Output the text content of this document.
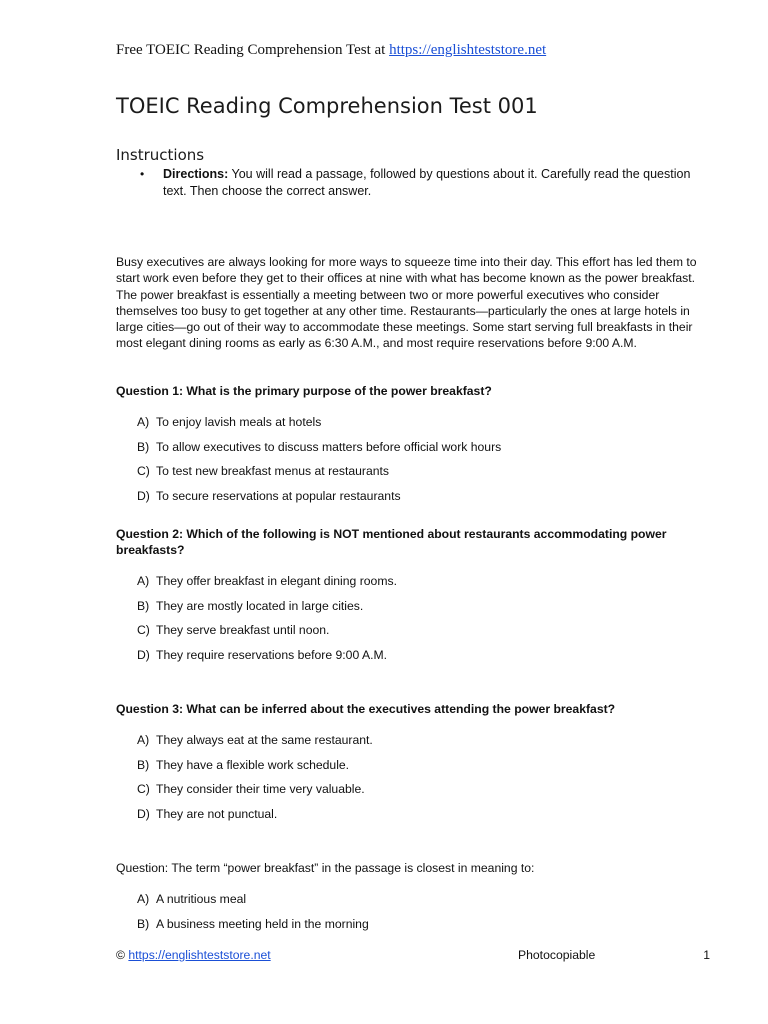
Free TOEIC Reading Comprehension Test at https://englishteststore.net
TOEIC Reading Comprehension Test 001
Instructions
• Directions: You will read a passage, followed by questions about it. Carefully read the question text. Then choose the correct answer.
Busy executives are always looking for more ways to squeeze time into their day. This effort has led them to start work even before they get to their offices at nine with what has become known as the power breakfast. The power breakfast is essentially a meeting between two or more powerful executives who consider themselves too busy to get together at any other time. Restaurants—particularly the ones at large hotels in large cities—go out of their way to accommodate these meetings. Some start serving full breakfasts in their most elegant dining rooms as early as 6:30 A.M., and most require reservations before 9:00 A.M.
Question 1: What is the primary purpose of the power breakfast?
A) To enjoy lavish meals at hotels
B) To allow executives to discuss matters before official work hours
C) To test new breakfast menus at restaurants
D) To secure reservations at popular restaurants
Question 2: Which of the following is NOT mentioned about restaurants accommodating power breakfasts?
A) They offer breakfast in elegant dining rooms.
B) They are mostly located in large cities.
C) They serve breakfast until noon.
D) They require reservations before 9:00 A.M.
Question 3: What can be inferred about the executives attending the power breakfast?
A) They always eat at the same restaurant.
B) They have a flexible work schedule.
C) They consider their time very valuable.
D) They are not punctual.
Question: The term “power breakfast” in the passage is closest in meaning to:
A) A nutritious meal
B) A business meeting held in the morning
© https://englishteststore.net	Photocopiable	1
